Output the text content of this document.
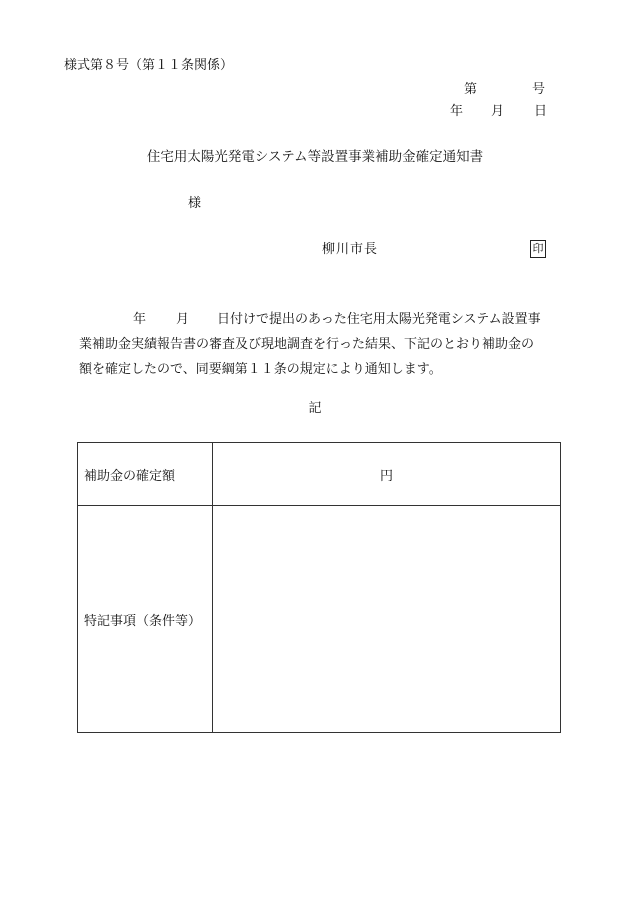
様式第８号（第１１条関係）
第	号
年 月 日
住宅用太陽光発電システム等設置事業補助金確定通知書
様
柳川市長	印
年 月 日付けで提出のあった住宅用太陽光発電システム設置事
業補助金実績報告書の審査及び現地調査を行った結果、下記のとおり補助金の
額を確定したので、同要綱第１１条の規定により通知します。
記
補助金の確定額	円
特記事項（条件等）	
